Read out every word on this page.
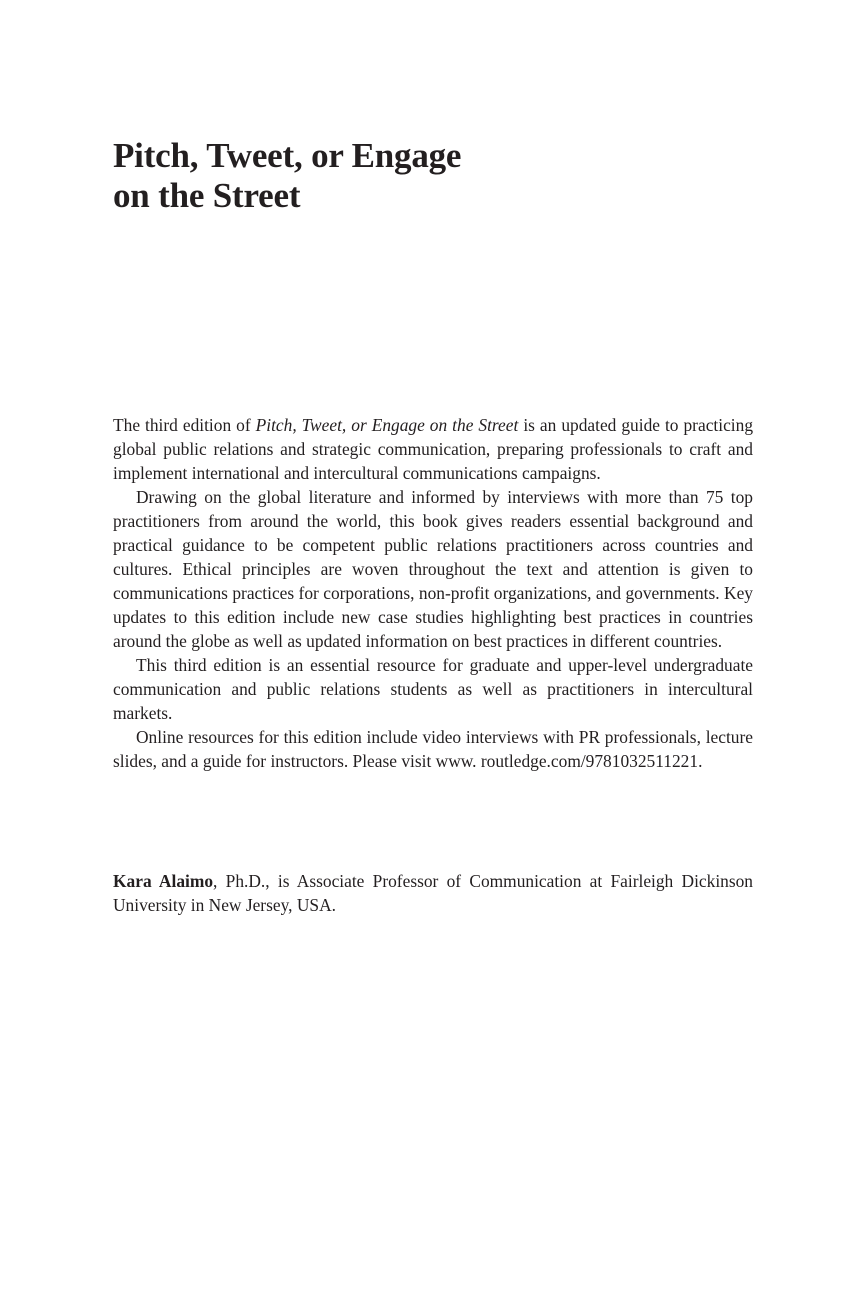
Pitch, Tweet, or Engage
on the Street

The third edition of Pitch, Tweet, or Engage on the Street is an updated guide to practicing global public relations and strategic communication, preparing professionals to craft and implement international and intercultural communications campaigns.

Drawing on the global literature and informed by interviews with more than 75 top practitioners from around the world, this book gives readers essential background and practical guidance to be competent public relations practitioners across countries and cultures. Ethical principles are woven throughout the text and attention is given to communications practices for corporations, non-profit organizations, and governments. Key updates to this edition include new case studies highlighting best practices in countries around the globe as well as updated information on best practices in different countries.

This third edition is an essential resource for graduate and upper-level undergraduate communication and public relations students as well as practitioners in intercultural markets.

Online resources for this edition include video interviews with PR professionals, lecture slides, and a guide for instructors. Please visit www. routledge.com/9781032511221.

Kara Alaimo, Ph.D., is Associate Professor of Communication at Fairleigh Dickinson University in New Jersey, USA.
